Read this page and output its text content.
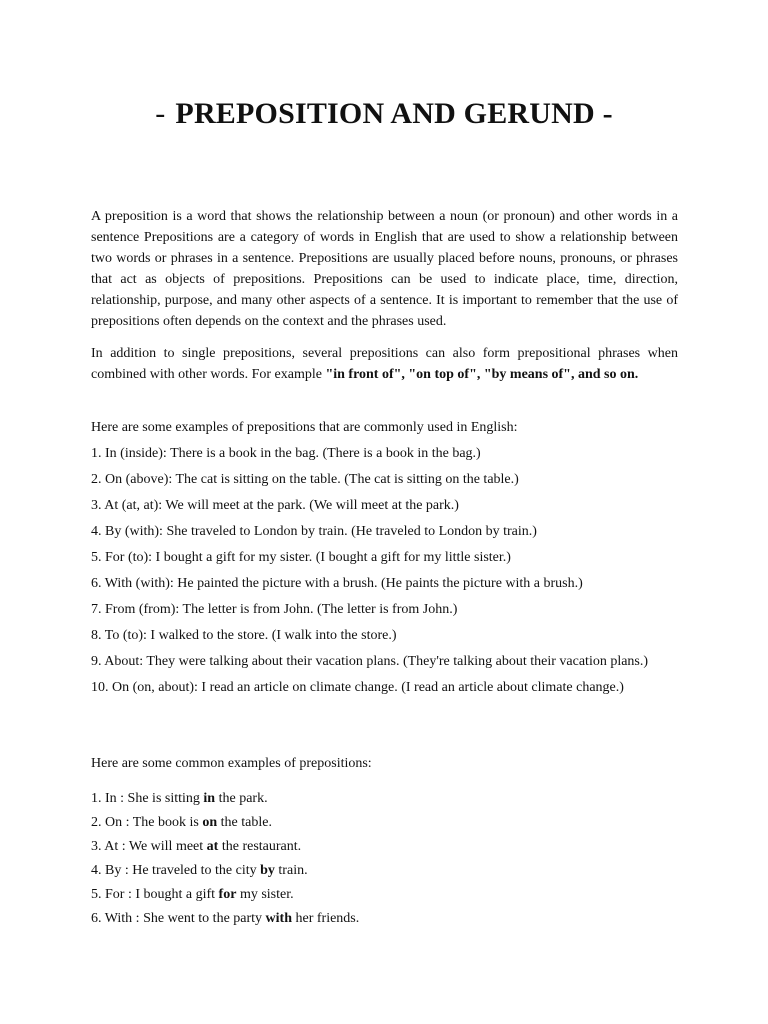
- PREPOSITION AND GERUND -

A preposition is a word that shows the relationship between a noun (or pronoun) and other words in a sentence Prepositions are a category of words in English that are used to show a relationship between two words or phrases in a sentence. Prepositions are usually placed before nouns, pronouns, or phrases that act as objects of prepositions. Prepositions can be used to indicate place, time, direction, relationship, purpose, and many other aspects of a sentence. It is important to remember that the use of prepositions often depends on the context and the phrases used.

In addition to single prepositions, several prepositions can also form prepositional phrases when combined with other words. For example "in front of", "on top of", "by means of", and so on.

Here are some examples of prepositions that are commonly used in English:

1. In (inside): There is a book in the bag. (There is a book in the bag.)
2. On (above): The cat is sitting on the table. (The cat is sitting on the table.)
3. At (at, at): We will meet at the park. (We will meet at the park.)
4. By (with): She traveled to London by train. (He traveled to London by train.)
5. For (to): I bought a gift for my sister. (I bought a gift for my little sister.)
6. With (with): He painted the picture with a brush. (He paints the picture with a brush.)
7. From (from): The letter is from John. (The letter is from John.)
8. To (to): I walked to the store. (I walk into the store.)
9. About: They were talking about their vacation plans. (They're talking about their vacation plans.)
10. On (on, about): I read an article on climate change. (I read an article about climate change.)

Here are some common examples of prepositions:

1. In : She is sitting in the park.
2. On : The book is on the table.
3. At : We will meet at the restaurant.
4. By : He traveled to the city by train.
5. For : I bought a gift for my sister.
6. With : She went to the party with her friends.
